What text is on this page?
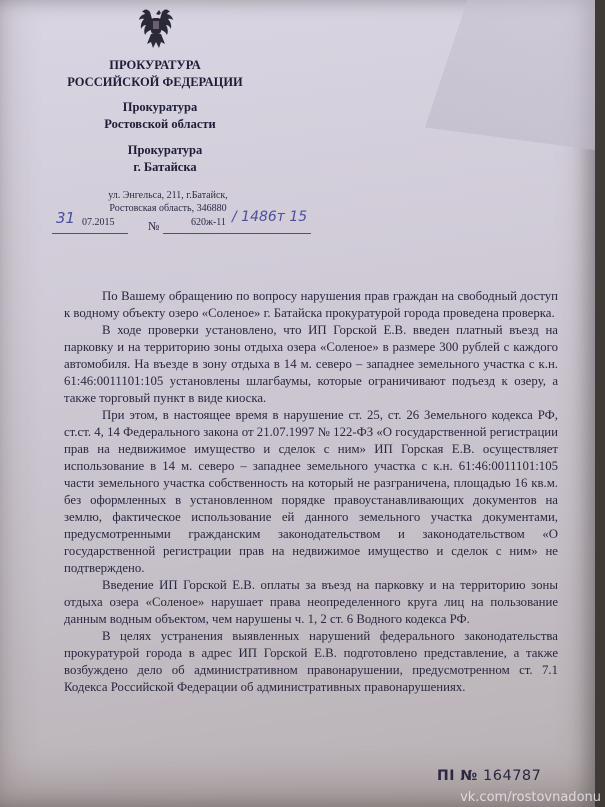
ПРОКУРАТУРА
РОССИЙСКОЙ ФЕДЕРАЦИИ
Прокуратура
Ростовской области
Прокуратура
г. Батайска
ул. Энгельса, 211, г.Батайск,
Ростовская область, 346880
07.2015
31	№	620ж-11 / 1486т 15

По Вашему обращению по вопросу нарушения прав граждан на свободный доступ к водному объекту озеро «Соленое» г. Батайска прокуратурой города проведена проверка.

В ходе проверки установлено, что ИП Горской Е.В. введен платный въезд на парковку и на территорию зоны отдыха озера «Соленое» в размере 300 рублей с каждого автомобиля. На въезде в зону отдыха в 14 м. северо – западнее земельного участка с к.н. 61:46:0011101:105 установлены шлагбаумы, которые ограничивают подъезд к озеру, а также торговый пункт в виде киоска.

При этом, в настоящее время в нарушение ст. 25, ст. 26 Земельного кодекса РФ, ст.ст. 4, 14 Федерального закона от 21.07.1997 № 122-ФЗ «О государственной регистрации прав на недвижимое имущество и сделок с ним» ИП Горская Е.В. осуществляет использование в 14 м. северо – западнее земельного участка с к.н. 61:46:0011101:105 части земельного участка собственность на который не разграничена, площадью 16 кв.м. без оформленных в установленном порядке правоустанавливающих документов на землю, фактическое использование ей данного земельного участка документами, предусмотренными гражданским законодательством и законодательством «О государственной регистрации прав на недвижимое имущество и сделок с ним» не подтверждено.

Введение ИП Горской Е.В. оплаты за въезд на парковку и на территорию зоны отдыха озера «Соленое» нарушает права неопределенного круга лиц на пользование данным водным объектом, чем нарушены ч. 1, 2 ст. 6 Водного кодекса РФ.

В целях устранения выявленных нарушений федерального законодательства прокуратурой города в адрес ИП Горской Е.В. подготовлено представление, а также возбуждено дело об административном правонарушении, предусмотренном ст. 7.1 Кодекса Российской Федерации об административных правонарушениях.

ПІ № 164787
vk.com/rostovnadonu
